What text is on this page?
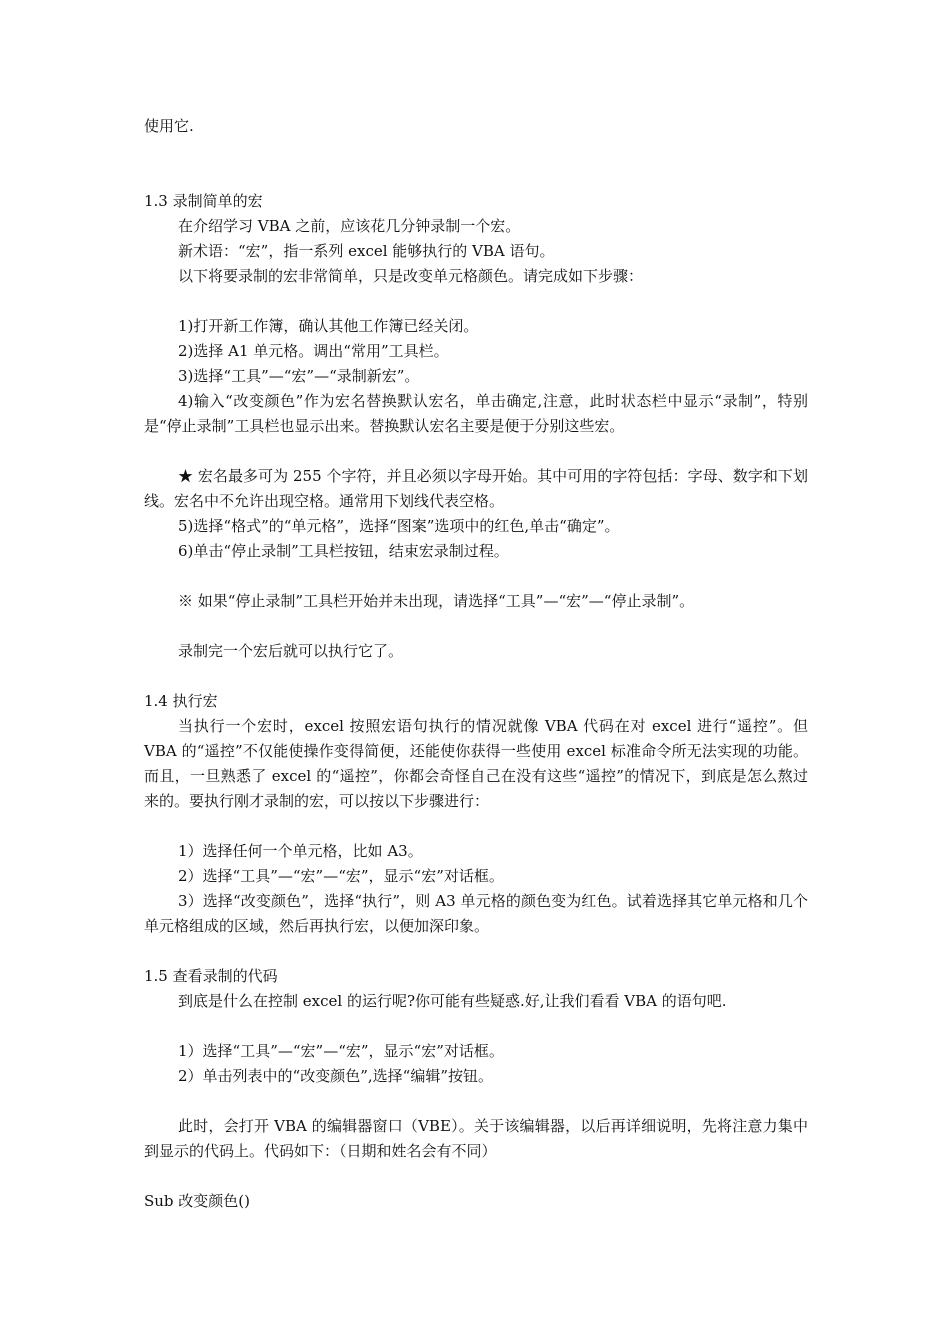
使用它.

1.3 录制简单的宏

在介绍学习 VBA 之前，应该花几分钟录制一个宏。

新术语：“宏”，指一系列 excel 能够执行的 VBA 语句。

以下将要录制的宏非常简单，只是改变单元格颜色。请完成如下步骤：

1)打开新工作簿，确认其他工作簿已经关闭。

2)选择 A1 单元格。调出“常用”工具栏。

3)选择“工具”—“宏”—“录制新宏”。

4)输入“改变颜色”作为宏名替换默认宏名，单击确定,注意，此时状态栏中显示“录制”，特别是“停止录制”工具栏也显示出来。替换默认宏名主要是便于分别这些宏。

★ 宏名最多可为 255 个字符，并且必须以字母开始。其中可用的字符包括：字母、数字和下划线。宏名中不允许出现空格。通常用下划线代表空格。

5)选择“格式”的“单元格”，选择“图案”选项中的红色,单击“确定”。

6)单击“停止录制”工具栏按钮，结束宏录制过程。

※ 如果“停止录制”工具栏开始并未出现，请选择“工具”—“宏”—“停止录制”。

录制完一个宏后就可以执行它了。

1.4 执行宏

当执行一个宏时，excel 按照宏语句执行的情况就像 VBA 代码在对 excel 进行“遥控”。但 VBA 的“遥控”不仅能使操作变得简便，还能使你获得一些使用 excel 标准命令所无法实现的功能。而且，一旦熟悉了 excel 的“遥控”，你都会奇怪自己在没有这些“遥控”的情况下，到底是怎么熬过来的。要执行刚才录制的宏，可以按以下步骤进行：

1）选择任何一个单元格，比如 A3。

2）选择“工具”—“宏”—“宏”，显示“宏”对话框。

3）选择“改变颜色”，选择“执行”，则 A3 单元格的颜色变为红色。试着选择其它单元格和几个单元格组成的区域，然后再执行宏，以便加深印象。

1.5 查看录制的代码

到底是什么在控制 excel 的运行呢?你可能有些疑惑.好,让我们看看 VBA 的语句吧.

1）选择“工具”—“宏”—“宏”，显示“宏”对话框。

2）单击列表中的“改变颜色”,选择“编辑”按钮。

此时，会打开 VBA 的编辑器窗口（VBE）。关于该编辑器，以后再详细说明，先将注意力集中到显示的代码上。代码如下：（日期和姓名会有不同）

Sub 改变颜色()
